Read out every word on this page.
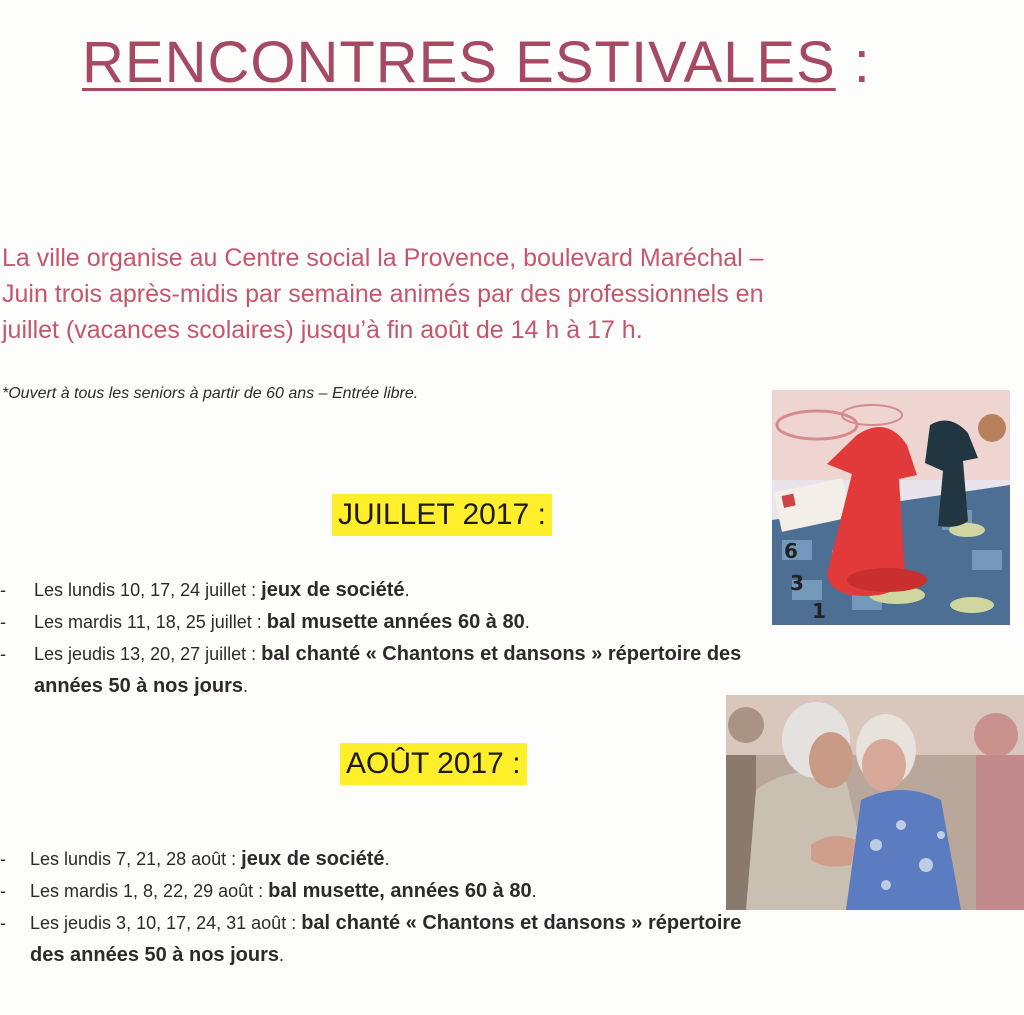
RENCONTRES ESTIVALES :
La ville organise au Centre social la Provence, boulevard Maréchal –
Juin trois après-midis par semaine animés par des professionnels en
juillet (vacances scolaires) jusqu’à fin août de 14 h à 17 h.
*Ouvert à tous les seniors à partir de 60 ans – Entrée libre.
6
3
1
JUILLET 2017 :
- Les lundis 10, 17, 24 juillet : jeux de société.
- Les mardis 11, 18, 25 juillet : bal musette années 60 à 80.
- Les jeudis 13, 20, 27 juillet : bal chanté « Chantons et dansons » répertoire des
années 50 à nos jours.
AOÛT 2017 :
- Les lundis 7, 21, 28 août : jeux de société.
- Les mardis 1, 8, 22, 29 août : bal musette, années 60 à 80.
- Les jeudis 3, 10, 17, 24, 31 août : bal chanté « Chantons et dansons » répertoire
des années 50 à nos jours.
